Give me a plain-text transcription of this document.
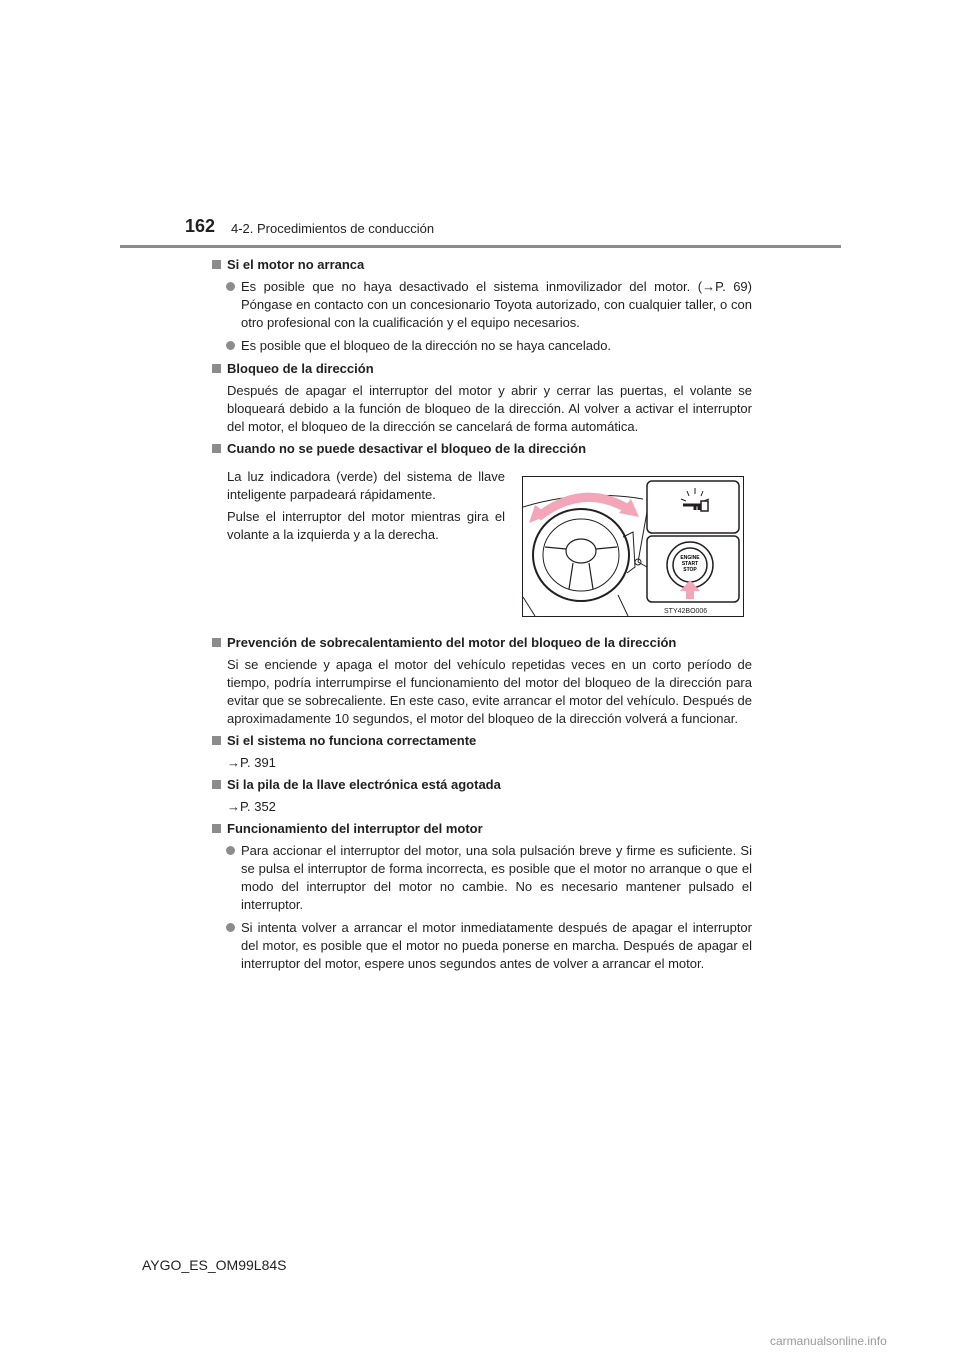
162 4-2. Procedimientos de conducción
Si el motor no arranca
Es posible que no haya desactivado el sistema inmovilizador del motor. (→P. 69) Póngase en contacto con un concesionario Toyota autorizado, con cualquier taller, o con otro profesional con la cualificación y el equipo necesarios.
Es posible que el bloqueo de la dirección no se haya cancelado.
Bloqueo de la dirección
Después de apagar el interruptor del motor y abrir y cerrar las puertas, el volante se bloqueará debido a la función de bloqueo de la dirección. Al volver a activar el interruptor del motor, el bloqueo de la dirección se cancelará de forma automática.
Cuando no se puede desactivar el bloqueo de la dirección
La luz indicadora (verde) del sistema de llave inteligente parpadeará rápidamente.
Pulse el interruptor del motor mientras gira el volante a la izquierda y a la derecha.
ENGINE
START
STOP
STY42BO006
Prevención de sobrecalentamiento del motor del bloqueo de la dirección
Si se enciende y apaga el motor del vehículo repetidas veces en un corto período de tiempo, podría interrumpirse el funcionamiento del motor del bloqueo de la dirección para evitar que se sobrecaliente. En este caso, evite arrancar el motor del vehículo. Después de aproximadamente 10 segundos, el motor del bloqueo de la dirección volverá a funcionar.
Si el sistema no funciona correctamente
→P. 391
Si la pila de la llave electrónica está agotada
→P. 352
Funcionamiento del interruptor del motor
Para accionar el interruptor del motor, una sola pulsación breve y firme es suficiente. Si se pulsa el interruptor de forma incorrecta, es posible que el motor no arranque o que el modo del interruptor del motor no cambie. No es necesario mantener pulsado el interruptor.
Si intenta volver a arrancar el motor inmediatamente después de apagar el interruptor del motor, es posible que el motor no pueda ponerse en marcha. Después de apagar el interruptor del motor, espere unos segundos antes de volver a arrancar el motor.
AYGO_ES_OM99L84S
carmanualsonline.info
